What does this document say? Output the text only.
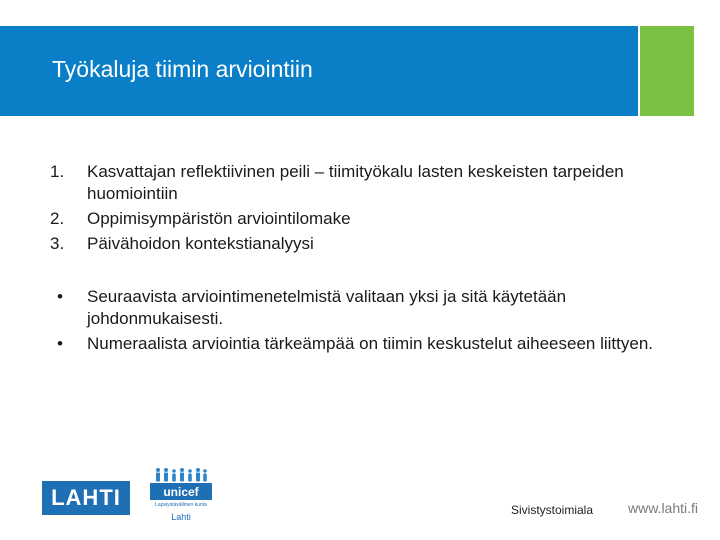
Työkaluja tiimin arviointiin
1.	Kasvattajan reflektiivinen peili – tiimityökalu lasten keskeisten tarpeiden huomiointiin
2.	Oppimisympäristön arviointilomake
3.	Päivähoidon kontekstianalyysi
•	Seuraavista arviointimenetelmistä valitaan yksi ja sitä käytetään johdonmukaisesti.
•	Numeraalista arviointia tärkeämpää on tiimin keskustelut aiheeseen liittyen.
LAHTI	unicef
Lapsiystävällinen kunta
Lahti	Sivistystoimiala www.lahti.fi
